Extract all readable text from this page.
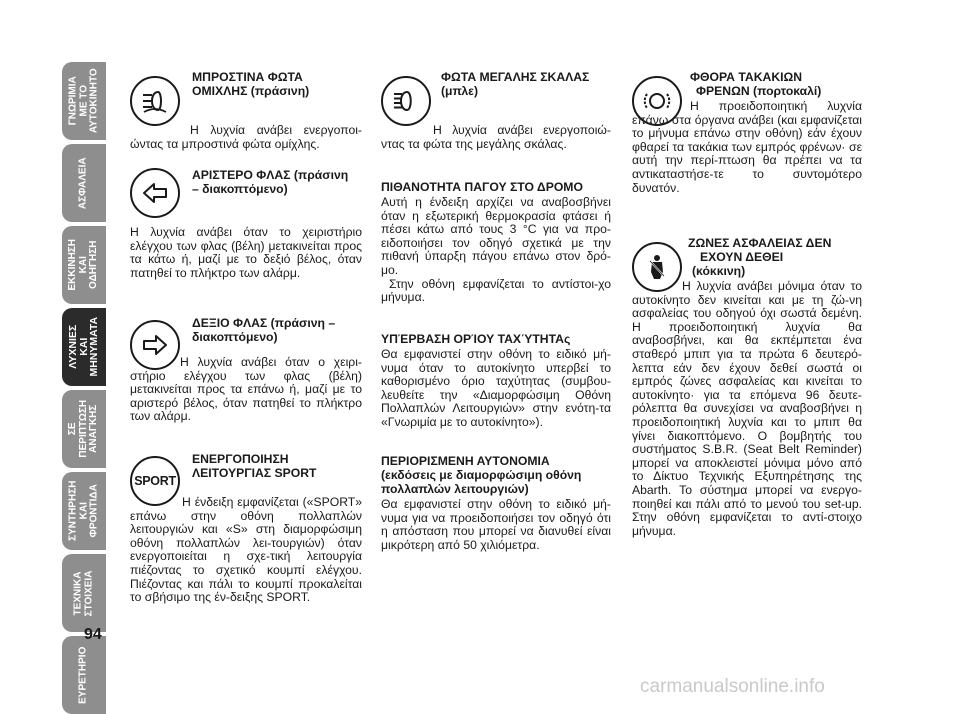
ΓΝΩΡΙΜΙΑ
ΜΕ ΤΟ
ΑΥΤΟΚΙΝΗΤΟ
ΑΣΦΑΛΕΙΑ
ΕΚΚΙΝΗΣΗ
ΚΑΙ
ΟΔΗΓΗΣΗ
ΛΥΧΝΙΕΣ
ΚΑΙ
ΜΗΝΥΜΑΤΑ
ΣΕ
ΠΕΡΙΠΤΩΣΗ
ΑΝΑΓΚΗΣ
ΣΥΝΤΗΡΗΣΗ
ΚΑΙ
ΦΡΟΝΤΙΔΑ
ΤΕΧΝΙΚΑ
ΣΤΟΙΧΕΙΑ
ΕΥΡΕΤΗΡΙΟ
94
ΜΠΡΟΣΤΙΝΑ ΦΩΤΑ
ΟΜΙΧΛΗΣ (πράσινη)

Η λυχνία ανάβει ενεργοποι-ώντας τα μπροστινά φώτα ομίχλης.

ΑΡΙΣΤΕΡΟ ΦΛΑΣ (πράσινη
– διακοπτόμενο)

Η λυχνία ανάβει όταν το χειριστήριο ελέγχου των φλας (βέλη) μετακινείται προς τα κάτω ή, μαζί με το δεξιό βέλος, όταν πατηθεί το πλήκτρο των αλάρμ.

ΔΕΞΙΟ ΦΛΑΣ (πράσινη –
διακοπτόμενο)

Η λυχνία ανάβει όταν ο χειρι-στήριο ελέγχου των φλας (βέλη) μετακινείται προς τα επάνω ή, μαζί με το αριστερό βέλος, όταν πατηθεί το πλήκτρο των αλάρμ.

SPORT
ΕΝΕΡΓΟΠΟΙΗΣΗ
ΛΕΙΤΟΥΡΓΙΑΣ SPORT

Η ένδειξη εμφανίζεται («SPORT» επάνω στην οθόνη πολλαπλών λειτουργιών και «S» στη διαμορφώσιμη οθόνη πολλαπλών λει-τουργιών) όταν ενεργοποιείται η σχε-τική λειτουργία πιέζοντας το σχετικό κουμπί ελέγχου. Πιέζοντας και πάλι το κουμπί προκαλείται το σβήσιμο της έν-δειξης SPORT.

ΦΩΤΑ ΜΕΓΑΛΗΣ ΣΚΑΛΑΣ
(μπλε)

Η λυχνία ανάβει ενεργοποιώ-ντας τα φώτα της μεγάλης σκάλας.

ΠΙΘΑΝΟΤΗΤΑ ΠΑΓΟΥ ΣΤΟ ΔΡΟΜΟ

Αυτή η ένδειξη αρχίζει να αναβοσβήνει όταν η εξωτερική θερμοκρασία φτάσει ή πέσει κάτω από τους 3 °C για να προ-ειδοποιήσει τον οδηγό σχετικά με την πιθανή ύπαρξη πάγου επάνω στον δρό-μο.

Στην οθόνη εμφανίζεται το αντίστοι-χο μήνυμα.

ΥΠΈΡΒΑΣΗ ΟΡΊΟΥ ΤΑΧΎΤΗΤΑς

Θα εμφανιστεί στην οθόνη το ειδικό μή-νυμα όταν το αυτοκίνητο υπερβεί το καθορισμένο όριο ταχύτητας (συμβου-λευθείτε την «Διαμορφώσιμη Οθόνη Πολλαπλών Λειτουργιών» στην ενότη-τα «Γνωριμία με το αυτοκίνητο»).

ΠΕΡΙΟΡΙΣΜΕΝΗ ΑΥΤΟΝΟΜΙΑ
(εκδόσεις με διαμορφώσιμη οθόνη
πολλαπλών λειτουργιών)

Θα εμφανιστεί στην οθόνη το ειδικό μή-νυμα για να προειδοποιήσει τον οδηγό ότι η απόσταση που μπορεί να διανυθεί είναι μικρότερη από 50 χιλιόμετρα.

ΦΘΟΡΑ ΤΑΚΑΚΙΩΝ
ΦΡΕΝΩΝ (πορτοκαλί)

Η προειδοποιητική λυχνία επάνω στα όργανα ανάβει (και εμφανίζεται το μήνυμα επάνω στην οθόνη) εάν έχουν φθαρεί τα τακάκια των εμπρός φρένων· σε αυτή την περί-πτωση θα πρέπει να τα αντικαταστήσε-τε το συντομότερο δυνατόν.

ΖΩΝΕΣ ΑΣΦΑΛΕΙΑΣ ΔΕΝ
ΕΧΟΥΝ ΔΕΘΕΙ
(κόκκινη)

Η λυχνία ανάβει μόνιμα όταν το αυτοκίνητο δεν κινείται και με τη ζώ-νη ασφαλείας του οδηγού όχι σωστά δεμένη. Η προειδοποιητική λυχνία θα αναβοσβήνει, και θα εκπέμπεται ένα σταθερό μπιπ για τα πρώτα 6 δευτερό-λεπτα εάν δεν έχουν δεθεί σωστά οι εμπρός ζώνες ασφαλείας και κινείται το αυτοκίνητο· για τα επόμενα 96 δευτε-ρόλεπτα θα συνεχίσει να αναβοσβήνει η προειδοποιητική λυχνία και το μπιπ θα γίνει διακοπτόμενο. Ο βομβητής του συστήματος S.B.R. (Seat Belt Reminder) μπορεί να αποκλειστεί μόνιμα μόνο από το Δίκτυο Τεχνικής Εξυπηρέτησης της Abarth. Το σύστημα μπορεί να ενεργο-ποιηθεί και πάλι από το μενού του set-up. Στην οθόνη εμφανίζεται το αντί-στοιχο μήνυμα.

carmanualsonline.info
